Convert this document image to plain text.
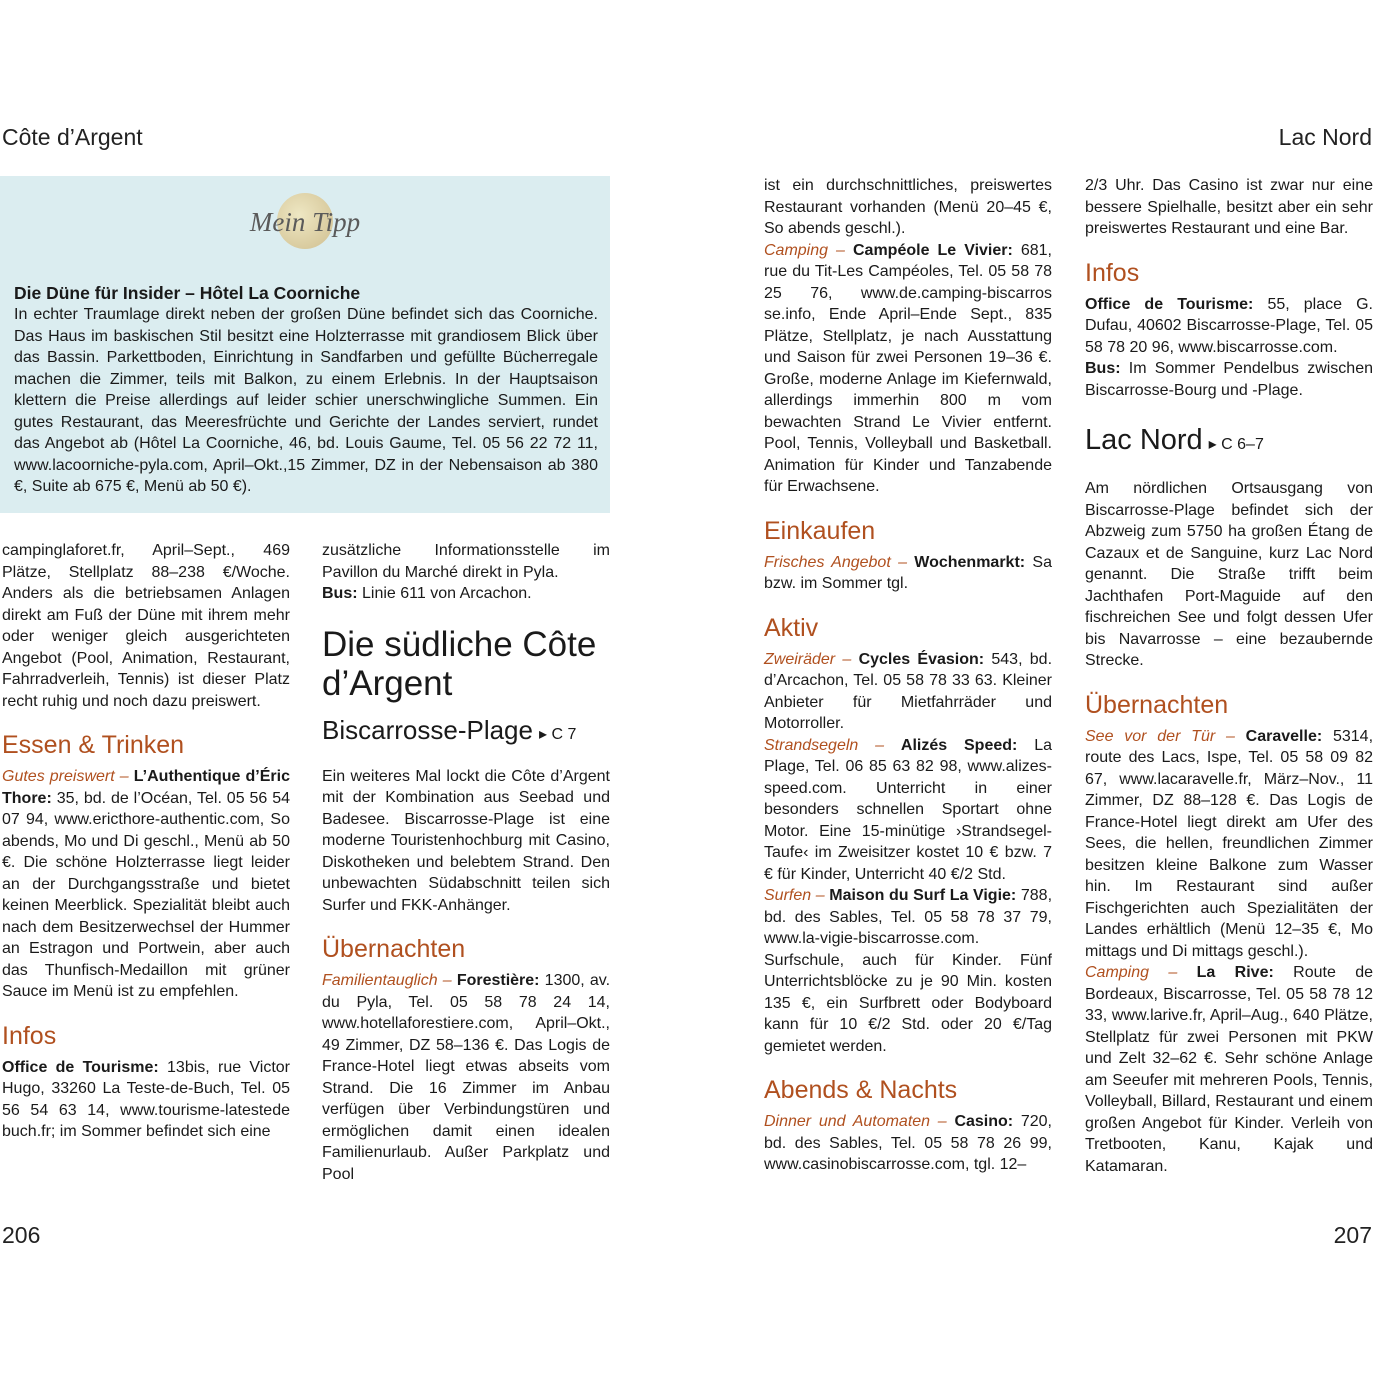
Côte d’Argent	Lac Nord
Mein Tipp
Die Düne für Insider – Hôtel La Coorniche
In echter Traumlage direkt neben der großen Düne befindet sich das Coorniche. Das Haus im baskischen Stil besitzt eine Holzterrasse mit grandiosem Blick über das Bassin. Parkettboden, Einrichtung in Sandfarben und gefüllte Bücherregale machen die Zimmer, teils mit Balkon, zu einem Erlebnis. In der Hauptsaison klettern die Preise allerdings auf leider schier unerschwingliche Summen. Ein gutes Restaurant, das Meeresfrüchte und Gerichte der Landes serviert, rundet das Angebot ab (Hôtel La Coorniche, 46, bd. Louis Gaume, Tel. 05 56 22 72 11, www.lacoorniche-pyla.com, April–Okt.,15 Zimmer, DZ in der Nebensaison ab 380 €, Suite ab 675 €, Menü ab 50 €).

campinglaforet.fr, April–Sept., 469 Plätze, Stellplatz 88–238 €/Woche. Anders als die betriebsamen Anlagen direkt am Fuß der Düne mit ihrem mehr oder weniger gleich ausgerichteten Angebot (Pool, Animation, Restaurant, Fahrradverleih, Tennis) ist dieser Platz recht ruhig und noch dazu preiswert.

Essen & Trinken

Gutes preiswert – L’Authentique d’Éric Thore: 35, bd. de l’Océan, Tel. 05 56 54 07 94, www.ericthore-authentic.com, So abends, Mo und Di geschl., Menü ab 50 €. Die schöne Holzterrasse liegt leider an der Durchgangsstraße und bietet keinen Meerblick. Spezialität bleibt auch nach dem Besitzerwechsel der Hummer an Estragon und Portwein, aber auch das Thunfisch-Medaillon mit grüner Sauce im Menü ist zu empfehlen.

Infos

Office de Tourisme: 13bis, rue Victor Hugo, 33260 La Teste-de-Buch, Tel. 05 56 54 63 14, www.tourisme-latestede buch.fr; im Sommer befindet sich eine

zusätzliche Informationsstelle im Pavillon du Marché direkt in Pyla.

Bus: Linie 611 von Arcachon.

Die südliche Côte d’Argent
Biscarrosse-Plage ▸ C 7

Ein weiteres Mal lockt die Côte d’Argent mit der Kombination aus Seebad und Badesee. Biscarrosse-Plage ist eine moderne Touristenhochburg mit Casino, Diskotheken und belebtem Strand. Den unbewachten Südabschnitt teilen sich Surfer und FKK-Anhänger.

Übernachten

Familientauglich – Forestière: 1300, av. du Pyla, Tel. 05 58 78 24 14, www.hotellaforestiere.com, April–Okt., 49 Zimmer, DZ 58–136 €. Das Logis de France-Hotel liegt etwas abseits vom Strand. Die 16 Zimmer im Anbau verfügen über Verbindungstüren und ermöglichen damit einen idealen Familienurlaub. Außer Parkplatz und Pool

ist ein durchschnittliches, preiswertes Restaurant vorhanden (Menü 20–45 €, So abends geschl.).

Camping – Campéole Le Vivier: 681, rue du Tit-Les Campéoles, Tel. 05 58 78 25 76, www.de.camping-biscarros se.info, Ende April–Ende Sept., 835 Plätze, Stellplatz, je nach Ausstattung und Saison für zwei Personen 19–36 €. Große, moderne Anlage im Kiefernwald, allerdings immerhin 800 m vom bewachten Strand Le Vivier entfernt. Pool, Tennis, Volleyball und Basketball. Animation für Kinder und Tanzabende für Erwachsene.

Einkaufen

Frisches Angebot – Wochenmarkt: Sa bzw. im Sommer tgl.

Aktiv

Zweiräder – Cycles Évasion: 543, bd. d’Arcachon, Tel. 05 58 78 33 63. Kleiner Anbieter für Mietfahrräder und Motorroller.

Strandsegeln – Alizés Speed: La Plage, Tel. 06 85 63 82 98, www.alizes-speed.com. Unterricht in einer besonders schnellen Sportart ohne Motor. Eine 15-minütige ›Strandsegel-Taufe‹ im Zweisitzer kostet 10 € bzw. 7 € für Kinder, Unterricht 40 €/2 Std.

Surfen – Maison du Surf La Vigie: 788, bd. des Sables, Tel. 05 58 78 37 79, www.la-vigie-biscarrosse.com. Surfschule, auch für Kinder. Fünf Unterrichtsblöcke zu je 90 Min. kosten 135 €, ein Surfbrett oder Bodyboard kann für 10 €/2 Std. oder 20 €/Tag gemietet werden.

Abends & Nachts

Dinner und Automaten – Casino: 720, bd. des Sables, Tel. 05 58 78 26 99, www.casinobiscarrosse.com, tgl. 12–

2/3 Uhr. Das Casino ist zwar nur eine bessere Spielhalle, besitzt aber ein sehr preiswertes Restaurant und eine Bar.

Infos

Office de Tourisme: 55, place G. Dufau, 40602 Biscarrosse-Plage, Tel. 05 58 78 20 96, www.biscarrosse.com.

Bus: Im Sommer Pendelbus zwischen Biscarrosse-Bourg und -Plage.

Lac Nord ▸ C 6–7

Am nördlichen Ortsausgang von Biscarrosse-Plage befindet sich der Abzweig zum 5750 ha großen Étang de Cazaux et de Sanguine, kurz Lac Nord genannt. Die Straße trifft beim Jachthafen Port-Maguide auf den fischreichen See und folgt dessen Ufer bis Navarrosse – eine bezaubernde Strecke.

Übernachten

See vor der Tür – Caravelle: 5314, route des Lacs, Ispe, Tel. 05 58 09 82 67, www.lacaravelle.fr, März–Nov., 11 Zimmer, DZ 88–128 €. Das Logis de France-Hotel liegt direkt am Ufer des Sees, die hellen, freundlichen Zimmer besitzen kleine Balkone zum Wasser hin. Im Restaurant sind außer Fischgerichten auch Spezialitäten der Landes erhältlich (Menü 12–35 €, Mo mittags und Di mittags geschl.).

Camping – La Rive: Route de Bordeaux, Biscarrosse, Tel. 05 58 78 12 33, www.larive.fr, April–Aug., 640 Plätze, Stellplatz für zwei Personen mit PKW und Zelt 32–62 €. Sehr schöne Anlage am Seeufer mit mehreren Pools, Tennis, Volleyball, Billard, Restaurant und einem großen Angebot für Kinder. Verleih von Tretbooten, Kanu, Kajak und Katamaran.

206	207
